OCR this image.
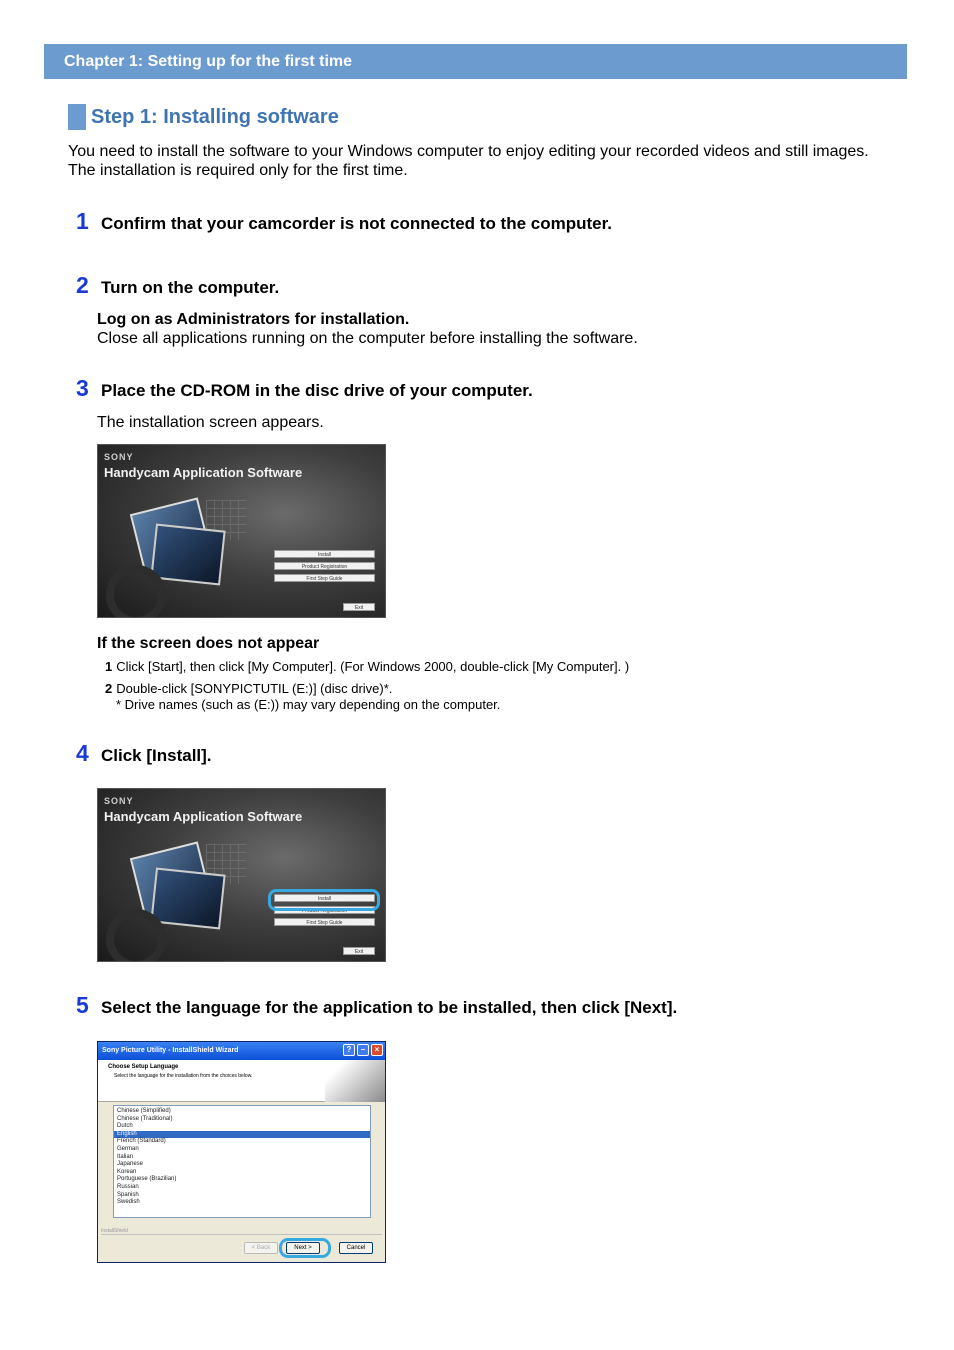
Chapter 1: Setting up for the first time
Step 1: Installing software

You need to install the software to your Windows computer to enjoy editing your recorded videos and still images. The installation is required only for the first time.

1 Confirm that your camcorder is not connected to the computer.
2 Turn on the computer.
Log on as Administrators for installation.
Close all applications running on the computer before installing the software.
3 Place the CD-ROM in the disc drive of your computer.
The installation screen appears.
SONY
Handycam Application Software
Install
Product Registration
First Step Guide
Exit
If the screen does not appear
1 Click [Start], then click [My Computer]. (For Windows 2000, double-click [My Computer]. )
2 Double-click [SONYPICTUTIL (E:)] (disc drive)*.
* Drive names (such as (E:)) may vary depending on the computer.
4 Click [Install].
SONY
Handycam Application Software
Install
Product Registration
First Step Guide
Exit
5 Select the language for the application to be installed, then click [Next].
Sony Picture Utility - InstallShield Wizard	?	–	×
Choose Setup Language
Select the language for the installation from the choices below.
Chinese (Simplified)
Chinese (Traditional)
Dutch
English
French (Standard)
German
Italian
Japanese
Korean
Portuguese (Brazilian)
Russian
Spanish
Swedish
InstallShield
< Back	Next >	Cancel
